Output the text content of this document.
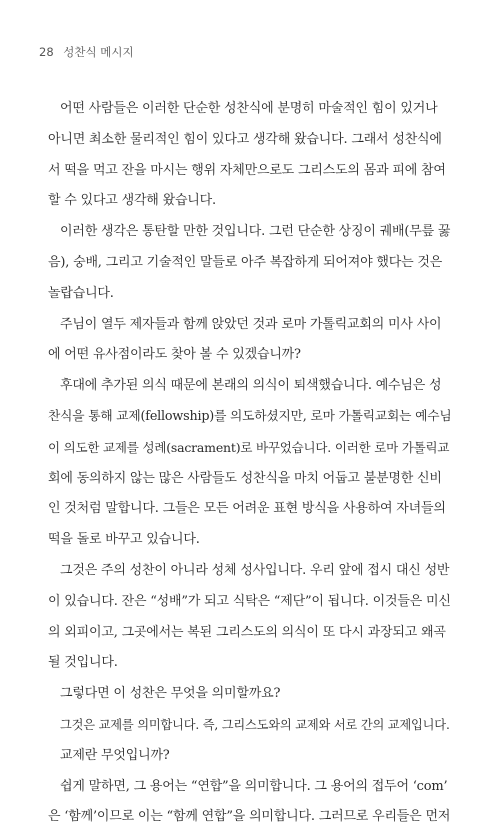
28 성찬식 메시지
어떤 사람들은 이러한 단순한 성찬식에 분명히 마술적인 힘이 있거나
아니면 최소한 물리적인 힘이 있다고 생각해 왔습니다. 그래서 성찬식에
서 떡을 먹고 잔을 마시는 행위 자체만으로도 그리스도의 몸과 피에 참여
할 수 있다고 생각해 왔습니다.
이러한 생각은 통탄할 만한 것입니다. 그런 단순한 상징이 궤배(무릎 꿇
음), 숭배, 그리고 기술적인 말들로 아주 복잡하게 되어져야 했다는 것은
놀랍습니다.
주님이 열두 제자들과 함께 앉았던 것과 로마 가톨릭교회의 미사 사이
에 어떤 유사점이라도 찾아 볼 수 있겠습니까?
후대에 추가된 의식 때문에 본래의 의식이 퇴색했습니다. 예수님은 성
찬식을 통해 교제(fellowship)를 의도하셨지만, 로마 가톨릭교회는 예수님
이 의도한 교제를 성례(sacrament)로 바꾸었습니다. 이러한 로마 가톨릭교
회에 동의하지 않는 많은 사람들도 성찬식을 마치 어둡고 불분명한 신비
인 것처럼 말합니다. 그들은 모든 어려운 표현 방식을 사용하여 자녀들의
떡을 돌로 바꾸고 있습니다.
그것은 주의 성찬이 아니라 성체 성사입니다. 우리 앞에 접시 대신 성반
이 있습니다. 잔은 “성배”가 되고 식탁은 “제단”이 됩니다. 이것들은 미신
의 외피이고, 그곳에서는 복된 그리스도의 의식이 또 다시 과장되고 왜곡
될 것입니다.
그렇다면 이 성찬은 무엇을 의미할까요?
그것은 교제를 의미합니다. 즉, 그리스도와의 교제와 서로 간의 교제입니다.
교제란 무엇입니까?
쉽게 말하면, 그 용어는 “연합”을 의미합니다. 그 용어의 접두어 ‘com’
은 ‘함께’이므로 이는 “함께 연합”을 의미합니다. 그러므로 우리들은 먼저
